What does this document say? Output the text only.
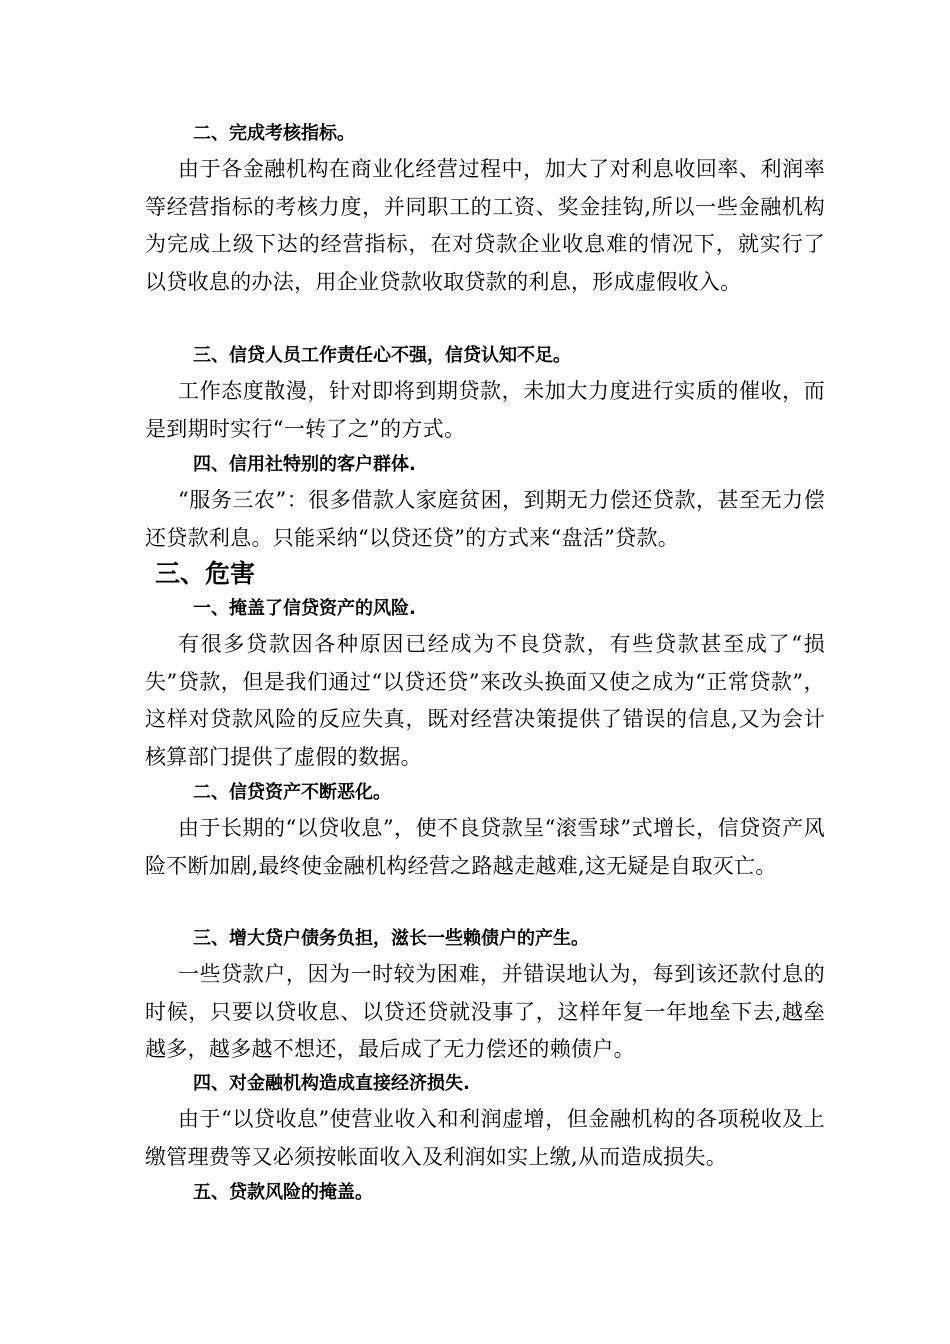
二、完成考核指标。

由于各金融机构在商业化经营过程中，加大了对利息收回率、利润率等经营指标的考核力度，并同职工的工资、奖金挂钩,所以一些金融机构为完成上级下达的经营指标，在对贷款企业收息难的情况下，就实行了以贷收息的办法，用企业贷款收取贷款的利息，形成虚假收入。

三、信贷人员工作责任心不强，信贷认知不足。

工作态度散漫，针对即将到期贷款，未加大力度进行实质的催收，而是到期时实行“一转了之”的方式。

四、信用社特别的客户群体.

“服务三农”：很多借款人家庭贫困，到期无力偿还贷款，甚至无力偿还贷款利息。只能采纳“以贷还贷”的方式来“盘活”贷款。

三、危害

一、掩盖了信贷资产的风险.

有很多贷款因各种原因已经成为不良贷款，有些贷款甚至成了“损失”贷款，但是我们通过“以贷还贷”来改头换面又使之成为“正常贷款”，这样对贷款风险的反应失真，既对经营决策提供了错误的信息,又为会计核算部门提供了虚假的数据。

二、信贷资产不断恶化。

由于长期的“以贷收息”，使不良贷款呈“滚雪球”式增长，信贷资产风险不断加剧,最终使金融机构经营之路越走越难,这无疑是自取灭亡。

三、增大贷户债务负担，滋长一些赖债户的产生。

一些贷款户，因为一时较为困难，并错误地认为，每到该还款付息的时候，只要以贷收息、以贷还贷就没事了，这样年复一年地垒下去,越垒越多，越多越不想还，最后成了无力偿还的赖债户。

四、对金融机构造成直接经济损失.

由于“以贷收息”使营业收入和利润虚增，但金融机构的各项税收及上缴管理费等又必须按帐面收入及利润如实上缴,从而造成损失。

五、贷款风险的掩盖。
